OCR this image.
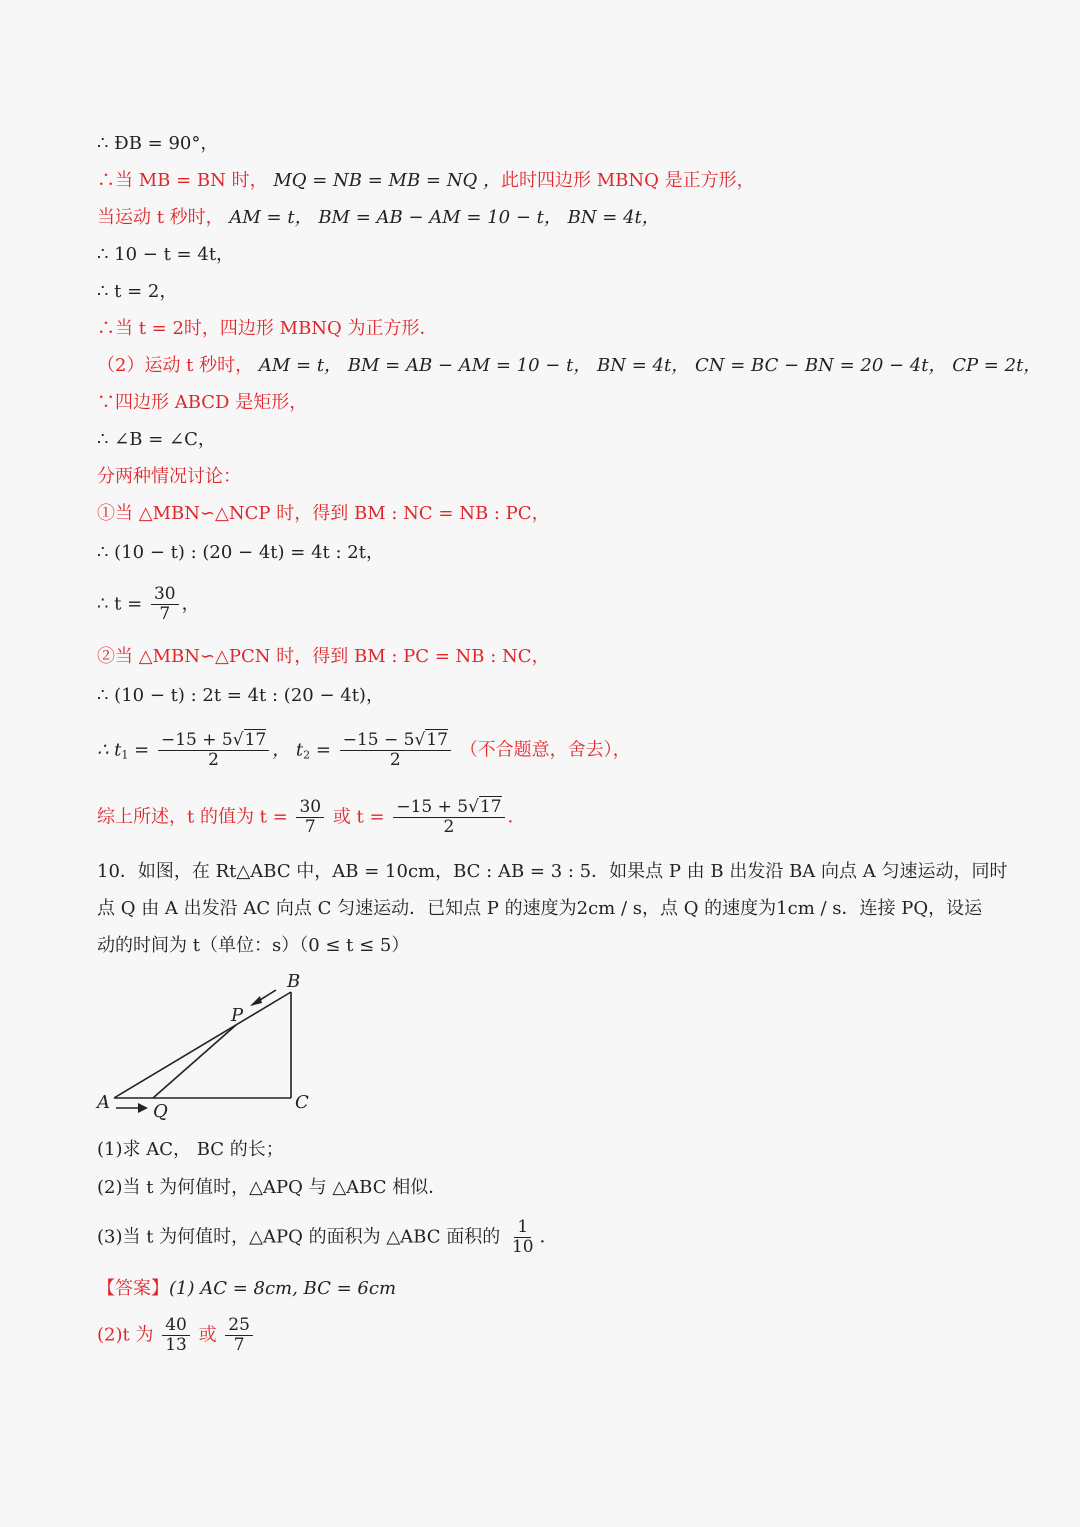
∴ ÐB = 90°，
∴当 MB = BN 时， MQ = NB = MB = NQ ，此时四边形 MBNQ 是正方形，
当运动 t 秒时， AM = t， BM = AB − AM = 10 − t， BN = 4t，
∴ 10 − t = 4t，
∴ t = 2，
∴当 t = 2时，四边形 MBNQ 为正方形．
（2）运动 t 秒时， AM = t， BM = AB − AM = 10 − t， BN = 4t， CN = BC − BN = 20 − 4t， CP = 2t，
∵四边形 ABCD 是矩形，
∴ ∠B = ∠C，
分两种情况讨论：
①当 △MBN∽△NCP 时，得到 BM : NC = NB : PC，
∴ (10 − t) : (20 − 4t) = 4t : 2t，
∴ $t = \frac{30}{7}$ ，
②当 △MBN∽△PCN 时，得到 BM : PC = NB : NC，
∴ (10 − t) : 2t = 4t : (20 − 4t)，
∴ $t_1 = \frac{-15 + 5√17}{2}$ ， $t_2 = \frac{-15 - 5√17}{2}$ （不合题意，舍去），
综上所述，t 的值为 $t = \frac{30}{7}$ 或 $t = \frac{-15 + 5√17}{2}$ ．
10．如图，在 Rt△ABC 中，AB = 10cm，BC : AB = 3 : 5．如果点 P 由 B 出发沿 BA 向点 A 匀速运动，同时
点 Q 由 A 出发沿 AC 向点 C 匀速运动．已知点 P 的速度为2cm / s，点 Q 的速度为1cm / s．连接 PQ，设运
动的时间为 t（单位：s）（0 ≤ t ≤ 5）
A
B
C
P
Q
(1)求 AC， BC 的长；
(2)当 t 为何值时，△APQ 与 △ABC 相似．
(3)当 t 为何值时，△APQ 的面积为 △ABC 面积的 $\frac{1}{10}$ ．
【答案】(1) AC = 8cm, BC = 6cm
(2)t 为 $\frac{40}{13}$ 或 $\frac{25}{7}$
